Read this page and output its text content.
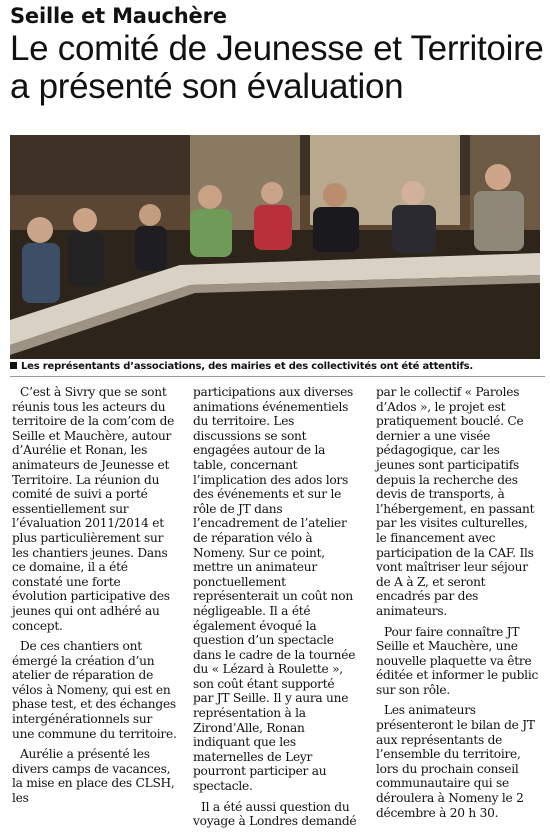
Seille et Mauchère
Le comité de Jeunesse et Territoire
a présenté son évaluation
Les représentants d’associations, des mairies et des collectivités ont été attentifs.

C’est à Sivry que se sont réunis tous les acteurs du territoire de la com’com de Seille et Mauchère, autour d’Aurélie et Ronan, les animateurs de Jeunesse et Territoire. La réunion du comité de suivi a porté essentiellement sur l’évaluation 2011/2014 et plus particulièrement sur les chantiers jeunes. Dans ce domaine, il a été constaté une forte évolution participative des jeunes qui ont adhéré au concept.

De ces chantiers ont émergé la création d’un atelier de réparation de vélos à Nomeny, qui est en phase test, et des échanges intergénérationnels sur une commune du territoire.

Aurélie a présenté les divers camps de vacances, la mise en place des CLSH, les

participations aux diverses animations événementiels du territoire. Les discussions se sont engagées autour de la table, concernant l’implication des ados lors des événements et sur le rôle de JT dans l’encadrement de l’atelier de réparation vélo à Nomeny. Sur ce point, mettre un animateur ponctuellement représenterait un coût non négligeable. Il a été également évoqué la question d’un spectacle dans le cadre de la tournée du « Lézard à Roulette », son coût étant supporté par JT Seille. Il y aura une représentation à la Zirond’Alle, Ronan indiquant que les maternelles de Leyr pourront participer au spectacle.

Il a été aussi question du voyage à Londres demandé

par le collectif « Paroles d’Ados », le projet est pratiquement bouclé. Ce dernier a une visée pédagogique, car les jeunes sont participatifs depuis la recherche des devis de transports, à l’hébergement, en passant par les visites culturelles, le financement avec participation de la CAF. Ils vont maîtriser leur séjour de A à Z, et seront encadrés par des animateurs.

Pour faire connaître JT Seille et Mauchère, une nouvelle plaquette va être éditée et informer le public sur son rôle.

Les animateurs présenteront le bilan de JT aux représentants de l’ensemble du territoire, lors du prochain conseil communautaire qui se déroulera à Nomeny le 2 décembre à 20 h 30.
